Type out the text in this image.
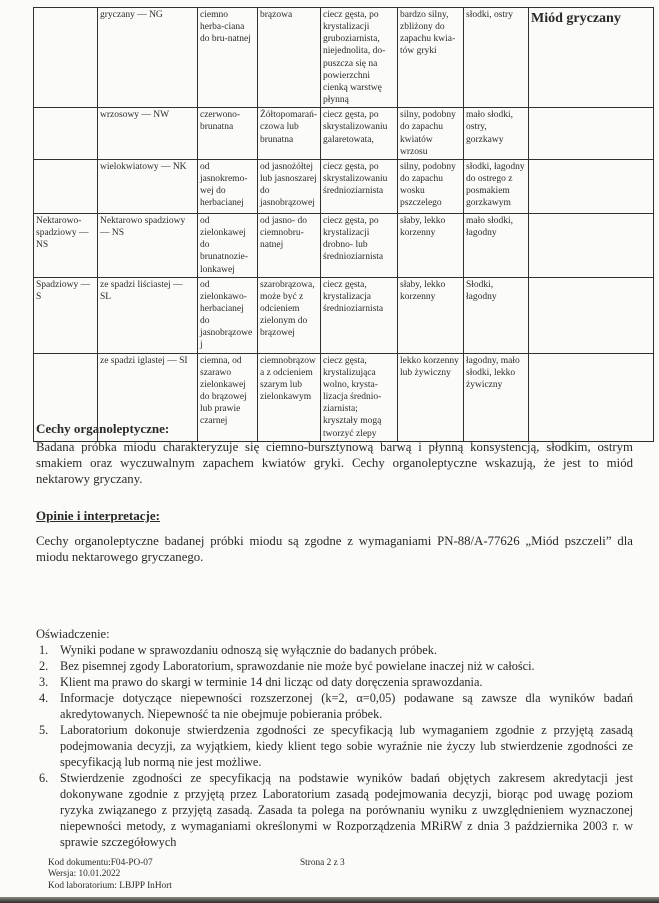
	gryczany — NG	ciemno herba-ciana do bru-natnej	brązowa	ciecz gęsta, po krystalizacji gruboziarnista, niejednolita, do-puszcza się na powierzchni cienką warstwę płynną	bardzo silny, zbliżony do zapachu kwia-tów gryki	słodki, ostry	Miód gryczany
	wrzosowy — NW	czerwono-brunatna	Żółtopomarań-czowa lub brunatna	ciecz gęsta, po skrystalizowaniu galaretowata,	silny, podobny do zapachu kwiatów wrzosu	mało słodki, ostry, gorzkawy	
	wielokwiatowy — NK	od jasnokremo-wej do herbacianej	od jasnożółtej lub jasnoszarej do jasnobrązowej	ciecz gęsta, po skrystalizowaniu średnioziarnista	silny, podobny do zapachu wosku pszczelego	słodki, łagodny do ostrego z posmakiem gorzkawym	
Nektarowo-spadziowy — NS	Nektarowo spadziowy — NS	od zielonkawej do brunatnozie-lonkawej	od jasno- do ciemnobru-natnej	ciecz gęsta, po krystalizacji drobno- lub średnioziarnista	słaby, lekko korzenny	mało słodki, łagodny	
Spadziowy — S	ze spadzi liściastej — SL	od zielonkawo-herbacianej do jasnobrązowej	szarobrązowa, może być z odcieniem zielonym do brązowej	ciecz gęsta, krystalizacja średnioziarnista	słaby, lekko korzenny	Słodki, łagodny	
	ze spadzi iglastej — SI	ciemna, od szarawo zielonkawej do brązowej lub prawie czarnej	ciemnobrązowa z odcieniem szarym lub zielonkawym	ciecz gęsta, krystalizująca wolno, krysta-lizacja średnio-ziarnista; kryształy mogą tworzyć zlepy	lekko korzenny lub żywiczny	łagodny, mało słodki, lekko żywiczny	

Cechy organoleptyczne:

Badana próbka miodu charakteryzuje się ciemno-bursztynową barwą i płynną konsystencją, słodkim, ostrym smakiem oraz wyczuwalnym zapachem kwiatów gryki. Cechy organoleptyczne wskazują, że jest to miód nektarowy gryczany.

Opinie i interpretacje:

Cechy organoleptyczne badanej próbki miodu są zgodne z wymaganiami PN-88/A-77626 „Miód pszczeli” dla miodu nektarowego gryczanego.

Oświadczenie:

1. Wyniki podane w sprawozdaniu odnoszą się wyłącznie do badanych próbek.
2. Bez pisemnej zgody Laboratorium, sprawozdanie nie może być powielane inaczej niż w całości.
3. Klient ma prawo do skargi w terminie 14 dni licząc od daty doręczenia sprawozdania.
4. Informacje dotyczące niepewności rozszerzonej (k=2, α=0,05) podawane są zawsze dla wyników badań akredytowanych. Niepewność ta nie obejmuje pobierania próbek.
5. Laboratorium dokonuje stwierdzenia zgodności ze specyfikacją lub wymaganiem zgodnie z przyjętą zasadą podejmowania decyzji, za wyjątkiem, kiedy klient tego sobie wyraźnie nie życzy lub stwierdzenie zgodności ze specyfikacją lub normą nie jest możliwe.
6. Stwierdzenie zgodności ze specyfikacją na podstawie wyników badań objętych zakresem akredytacji jest dokonywane zgodnie z przyjętą przez Laboratorium zasadą podejmowania decyzji, biorąc pod uwagę poziom ryzyka związanego z przyjętą zasadą. Zasada ta polega na porównaniu wyniku z uwzględnieniem wyznaczonej niepewności metody, z wymaganiami określonymi w Rozporządzenia MRiRW z dnia 3 października 2003 r. w sprawie szczegółowych
Kod dokumentu:F04-PO-07
Wersja: 10.01.2022
Kod laboratorium: LBJPP InHort
Strona 2 z 3
